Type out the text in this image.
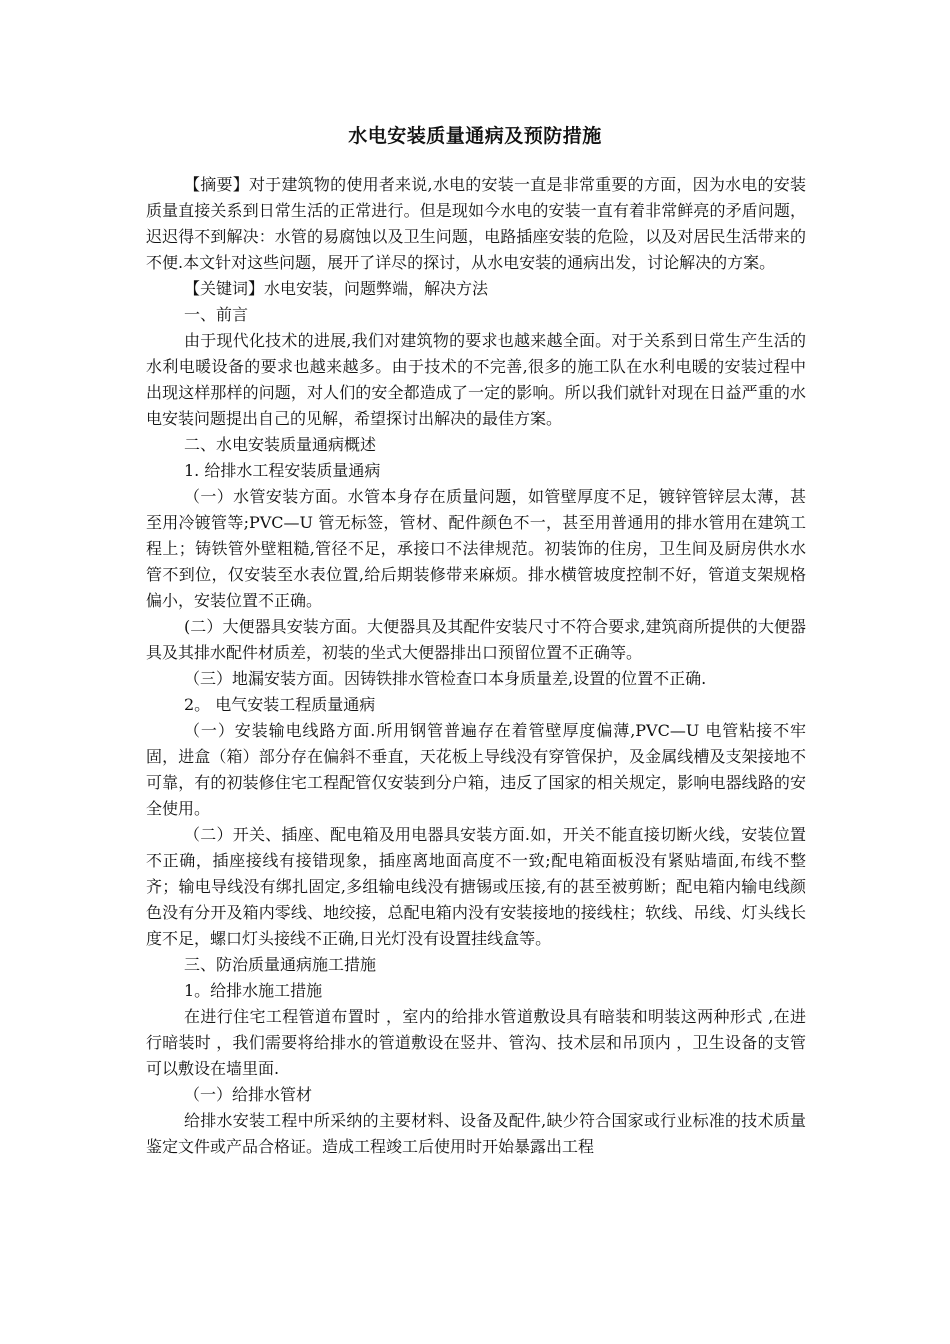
水电安装质量通病及预防措施

【摘要】对于建筑物的使用者来说,水电的安装一直是非常重要的方面，因为水电的安装质量直接关系到日常生活的正常进行。但是现如今水电的安装一直有着非常鲜亮的矛盾问题，迟迟得不到解决：水管的易腐蚀以及卫生问题，电路插座安装的危险，以及对居民生活带来的不便.本文针对这些问题，展开了详尽的探讨，从水电安装的通病出发，讨论解决的方案。

【关键词】水电安装，问题弊端，解决方法

一、前言

由于现代化技术的进展,我们对建筑物的要求也越来越全面。对于关系到日常生产生活的水利电暖设备的要求也越来越多。由于技术的不完善,很多的施工队在水利电暖的安装过程中出现这样那样的问题，对人们的安全都造成了一定的影响。所以我们就针对现在日益严重的水电安装问题提出自己的见解，希望探讨出解决的最佳方案。

二、水电安装质量通病概述

1. 给排水工程安装质量通病

（一）水管安装方面。水管本身存在质量问题，如管壁厚度不足，镀锌管锌层太薄，甚至用冷镀管等;PVC—U 管无标签，管材、配件颜色不一，甚至用普通用的排水管用在建筑工程上；铸铁管外壁粗糙,管径不足，承接口不法律规范。初装饰的住房，卫生间及厨房供水水管不到位，仅安装至水表位置,给后期装修带来麻烦。排水横管坡度控制不好，管道支架规格偏小，安装位置不正确。

(二）大便器具安装方面。大便器具及其配件安装尺寸不符合要求,建筑商所提供的大便器具及其排水配件材质差，初装的坐式大便器排出口预留位置不正确等。

（三）地漏安装方面。因铸铁排水管检查口本身质量差,设置的位置不正确.

2。 电气安装工程质量通病

（一）安装输电线路方面.所用钢管普遍存在着管壁厚度偏薄,PVC—U 电管粘接不牢固，进盒（箱）部分存在偏斜不垂直，天花板上导线没有穿管保护，及金属线槽及支架接地不可靠，有的初装修住宅工程配管仅安装到分户箱，违反了国家的相关规定，影响电器线路的安全使用。

（二）开关、插座、配电箱及用电器具安装方面.如，开关不能直接切断火线，安装位置不正确，插座接线有接错现象，插座离地面高度不一致;配电箱面板没有紧贴墙面,布线不整齐；输电导线没有绑扎固定,多组输电线没有搪锡或压接,有的甚至被剪断；配电箱内输电线颜色没有分开及箱内零线、地绞接，总配电箱内没有安装接地的接线柱；软线、吊线、灯头线长度不足，螺口灯头接线不正确,日光灯没有设置挂线盒等。

三、防治质量通病施工措施

1。给排水施工措施

在进行住宅工程管道布置时 ，室内的给排水管道敷设具有暗装和明装这两种形式 ,在进行暗装时 ，我们需要将给排水的管道敷设在竖井、管沟、技术层和吊顶内 ，卫生设备的支管可以敷设在墙里面.

（一）给排水管材

给排水安装工程中所采纳的主要材料、设备及配件,缺少符合国家或行业标准的技术质量鉴定文件或产品合格证。造成工程竣工后使用时开始暴露出工程
